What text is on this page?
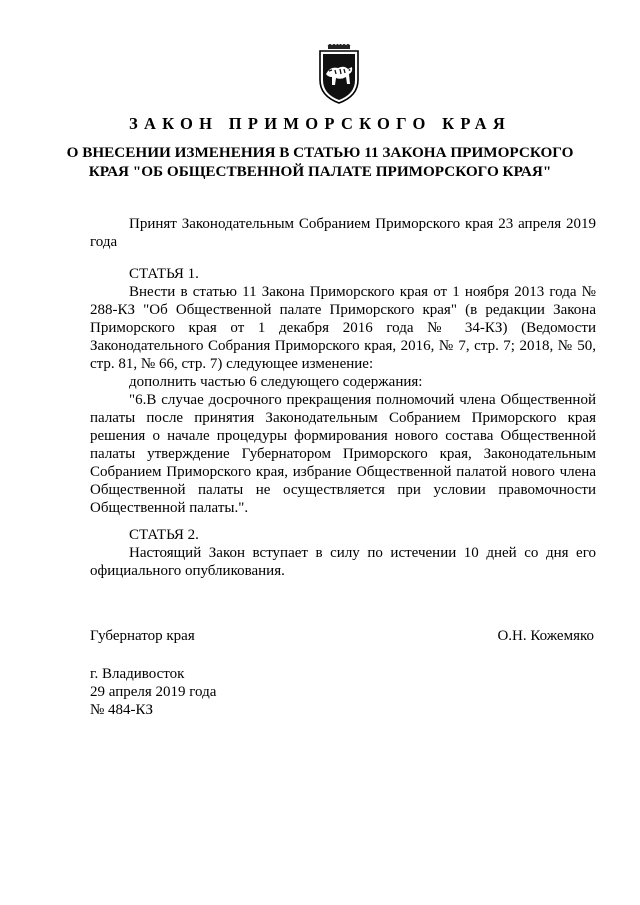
ЗАКОН ПРИМОРСКОГО КРАЯ
О ВНЕСЕНИИ ИЗМЕНЕНИЯ В СТАТЬЮ 11 ЗАКОНА ПРИМОРСКОГО КРАЯ "ОБ ОБЩЕСТВЕННОЙ ПАЛАТЕ ПРИМОРСКОГО КРАЯ"

Принят Законодательным Собранием Приморского края 23 апреля 2019 года

СТАТЬЯ 1.

Внести в статью 11 Закона Приморского края от 1 ноября 2013 года № 288-КЗ "Об Общественной палате Приморского края" (в редакции Закона Приморского края от 1 декабря 2016 года № 34-КЗ) (Ведомости Законодательного Собрания Приморского края, 2016, № 7, стр. 7; 2018, № 50, стр. 81, № 66, стр. 7) следующее изменение:

дополнить частью 6 следующего содержания:

"6.В случае досрочного прекращения полномочий члена Общественной палаты после принятия Законодательным Собранием Приморского края решения о начале процедуры формирования нового состава Общественной палаты утверждение Губернатором Приморского края, Законодательным Собранием Приморского края, избрание Общественной палатой нового члена Общественной палаты не осуществляется при условии правомочности Общественной палаты.".

СТАТЬЯ 2.

Настоящий Закон вступает в силу по истечении 10 дней со дня его официального опубликования.

Губернатор края	О.Н. Кожемяко

г. Владивосток

29 апреля 2019 года

№ 484-КЗ
